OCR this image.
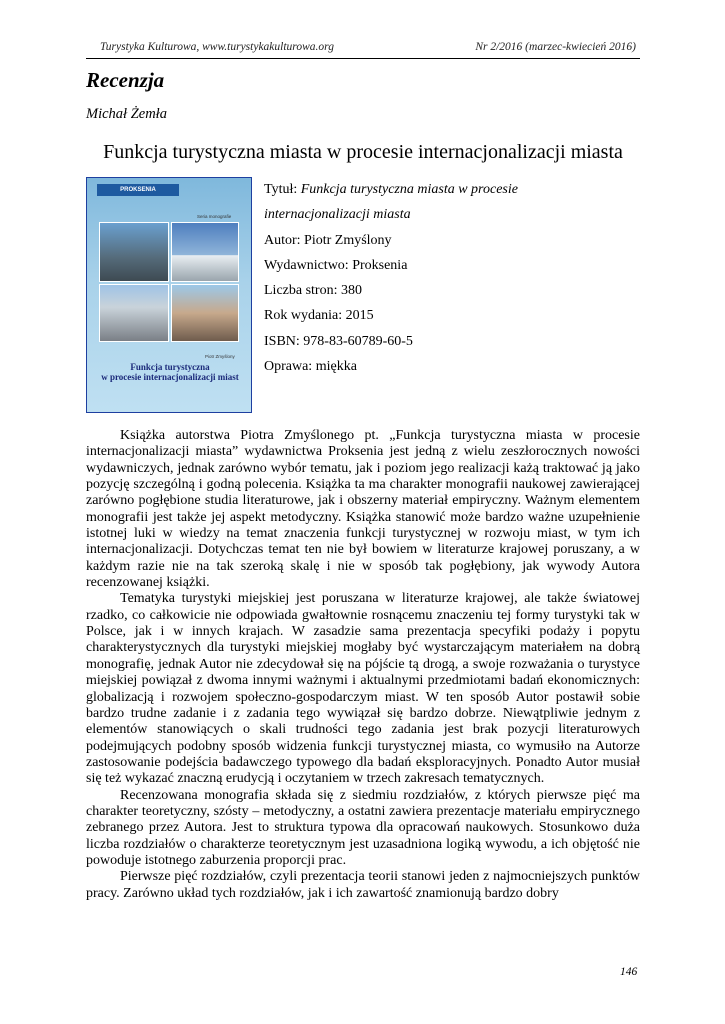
Turystyka Kulturowa, www.turystykakulturowa.org	Nr 2/2016 (marzec-kwiecień 2016)
Recenzja
Michał Żemła
Funkcja turystyczna miasta w procesie internacjonalizacji miasta
PROKSENIA
Seria monografie
Piotr Zmyślony
Funkcja turystyczna
w procesie internacjonalizacji miast
Tytuł: Funkcja turystyczna miasta w procesie
internacjonalizacji miasta
Autor: Piotr Zmyślony
Wydawnictwo: Proksenia
Liczba stron: 380
Rok wydania: 2015
ISBN: 978-83-60789-60-5
Oprawa: miękka

Książka autorstwa Piotra Zmyślonego pt. „Funkcja turystyczna miasta w procesie internacjonalizacji miasta” wydawnictwa Proksenia jest jedną z wielu zeszłorocznych nowości wydawniczych, jednak zarówno wybór tematu, jak i poziom jego realizacji każą traktować ją jako pozycję szczególną i godną polecenia. Książka ta ma charakter monografii naukowej zawierającej zarówno pogłębione studia literaturowe, jak i obszerny materiał empiryczny. Ważnym elementem monografii jest także jej aspekt metodyczny. Książka stanowić może bardzo ważne uzupełnienie istotnej luki w wiedzy na temat znaczenia funkcji turystycznej w rozwoju miast, w tym ich internacjonalizacji. Dotychczas temat ten nie był bowiem w literaturze krajowej poruszany, a w każdym razie nie na tak szeroką skalę i nie w sposób tak pogłębiony, jak wywody Autora recenzowanej książki.

Tematyka turystyki miejskiej jest poruszana w literaturze krajowej, ale także światowej rzadko, co całkowicie nie odpowiada gwałtownie rosnącemu znaczeniu tej formy turystyki tak w Polsce, jak i w innych krajach. W zasadzie sama prezentacja specyfiki podaży i popytu charakterystycznych dla turystyki miejskiej mogłaby być wystarczającym materiałem na dobrą monografię, jednak Autor nie zdecydował się na pójście tą drogą, a swoje rozważania o turystyce miejskiej powiązał z dwoma innymi ważnymi i aktualnymi przedmiotami badań ekonomicznych: globalizacją i rozwojem społeczno-gospodarczym miast. W ten sposób Autor postawił sobie bardzo trudne zadanie i z zadania tego wywiązał się bardzo dobrze. Niewątpliwie jednym z elementów stanowiących o skali trudności tego zadania jest brak pozycji literaturowych podejmujących podobny sposób widzenia funkcji turystycznej miasta, co wymusiło na Autorze zastosowanie podejścia badawczego typowego dla badań eksploracyjnych. Ponadto Autor musiał się też wykazać znaczną erudycją i oczytaniem w trzech zakresach tematycznych.

Recenzowana monografia składa się z siedmiu rozdziałów, z których pierwsze pięć ma charakter teoretyczny, szósty – metodyczny, a ostatni zawiera prezentacje materiału empirycznego zebranego przez Autora. Jest to struktura typowa dla opracowań naukowych. Stosunkowo duża liczba rozdziałów o charakterze teoretycznym jest uzasadniona logiką wywodu, a ich objętość nie powoduje istotnego zaburzenia proporcji prac.

Pierwsze pięć rozdziałów, czyli prezentacja teorii stanowi jeden z najmocniejszych punktów pracy. Zarówno układ tych rozdziałów, jak i ich zawartość znamionują bardzo dobry

146
